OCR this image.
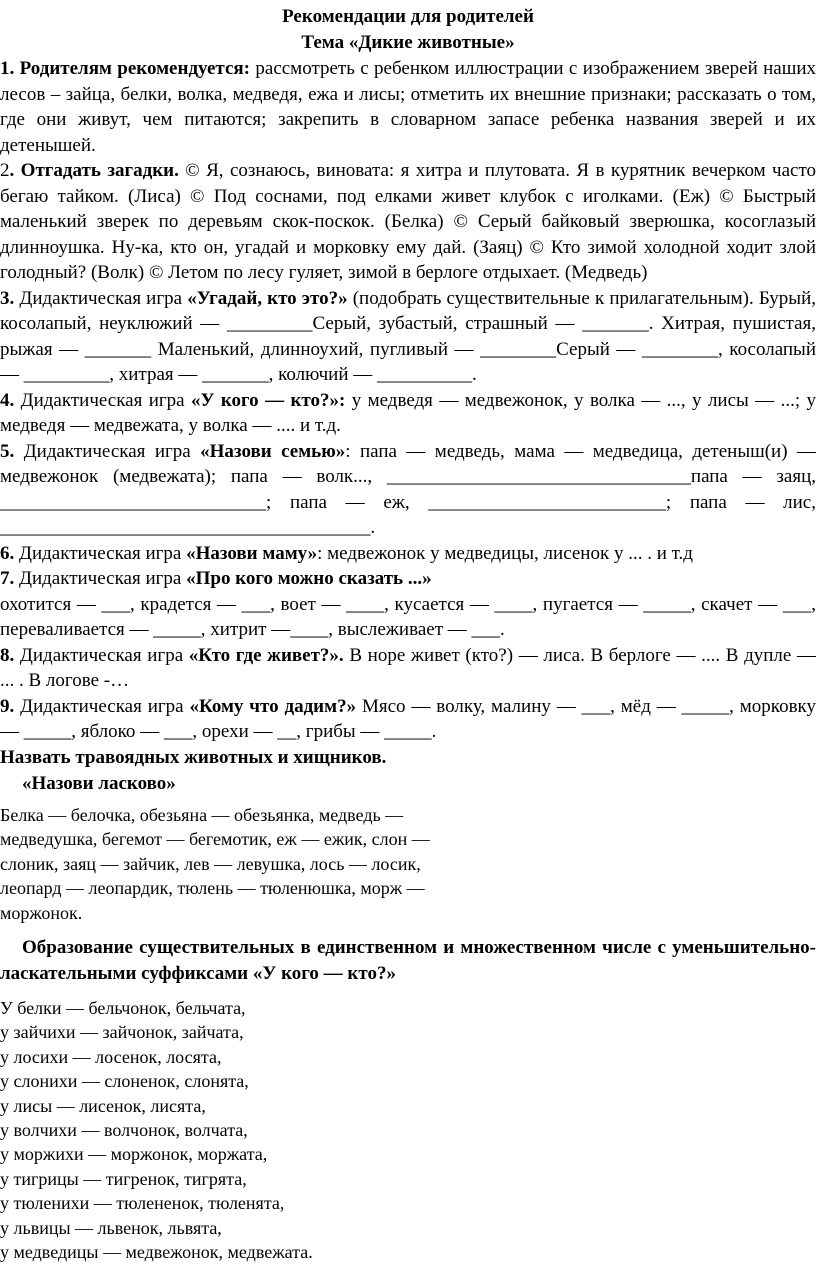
Рекомендации для родителей
Тема «Дикие животные»

1. Родителям рекомендуется: рассмотреть с ребенком иллюстрации с изображением зверей наших лесов – зайца, белки, волка, медведя, ежа и лисы; отметить их внешние признаки; рассказать о том, где они живут, чем питаются; закрепить в словарном запасе ребенка названия зверей и их детенышей.

2. Отгадать загадки. © Я, сознаюсь, виновата: я хитра и плутовата. Я в курятник вечерком часто бегаю тайком. (Лиса) © Под соснами, под елками живет клубок с иголками. (Еж) © Быстрый маленький зверек по деревьям скок-поскок. (Белка) © Серый байковый зверюшка, косоглазый длинноушка. Ну-ка, кто он, угадай и морковку ему дай. (Заяц) © Кто зимой холодной ходит злой голодный? (Волк) © Летом по лесу гуляет, зимой в берлоге отдыхает. (Медведь)

3. Дидактическая игра «Угадай, кто это?» (подобрать существительные к прилагательным). Бурый, косолапый, неуклюжий — _________Серый, зубастый, страшный — _______. Хитрая, пушистая, рыжая — _______ Маленький, длинноухий, пугливый — ________Серый — ________, косолапый — _________, хитрая — _______, колючий — __________.

4. Дидактическая игра «У кого — кто?»: у медведя — медвежонок, у волка — ..., у лисы — ...; у медведя — медвежата, у волка — .... и т.д.

5. Дидактическая игра «Назови семью»: папа — медведь, мама — медведица, детеныш(и) — медвежонок (медвежата); папа — волк..., ________________________________папа — заяц, ____________________________; папа — еж, _________________________; папа — лис, _______________________________________.

6. Дидактическая игра «Назови маму»: медвежонок у медведицы, лисенок у ... . и т.д

7. Дидактическая игра «Про кого можно сказать ...»
охотится — ___, крадется — ___, воет — ____, кусается — ____, пугается — _____, скачет — ___, переваливается — _____, хитрит —____, выслеживает — ___.

8. Дидактическая игра «Кто где живет?». В норе живет (кто?) — лиса. В берлоге — .... В дупле — ... . В логове -…

9. Дидактическая игра «Кому что дадим?» Мясо — волку, малину — ___, мёд — _____, морковку — _____, яблоко — ___, орехи — __, грибы — _____.

Назвать травоядных животных и хищников.

«Назови ласково»

Белка — белочка, обезьяна — обезьянка, медведь —

медведушка, бегемот — бегемотик, еж — ежик, слон —

слоник, заяц — зайчик, лев — левушка, лось — лосик,

леопард — леопардик, тюлень — тюленюшка, морж —

моржонок.

Образование существительных в единственном и множественном числе с уменьшительно-ласкательными суффиксами «У кого — кто?»

У белки — бельчонок, бельчата,

у зайчихи — зайчонок, зайчата,

у лосихи — лосенок, лосята,

у слонихи — слоненок, слонята,

у лисы — лисенок, лисята,

у волчихи — волчонок, волчата,

у моржихи — моржонок, моржата,

у тигрицы — тигренок, тигрята,

у тюленихи — тюлененок, тюленята,

у львицы — львенок, львята,

у медведицы — медвежонок, медвежата.
